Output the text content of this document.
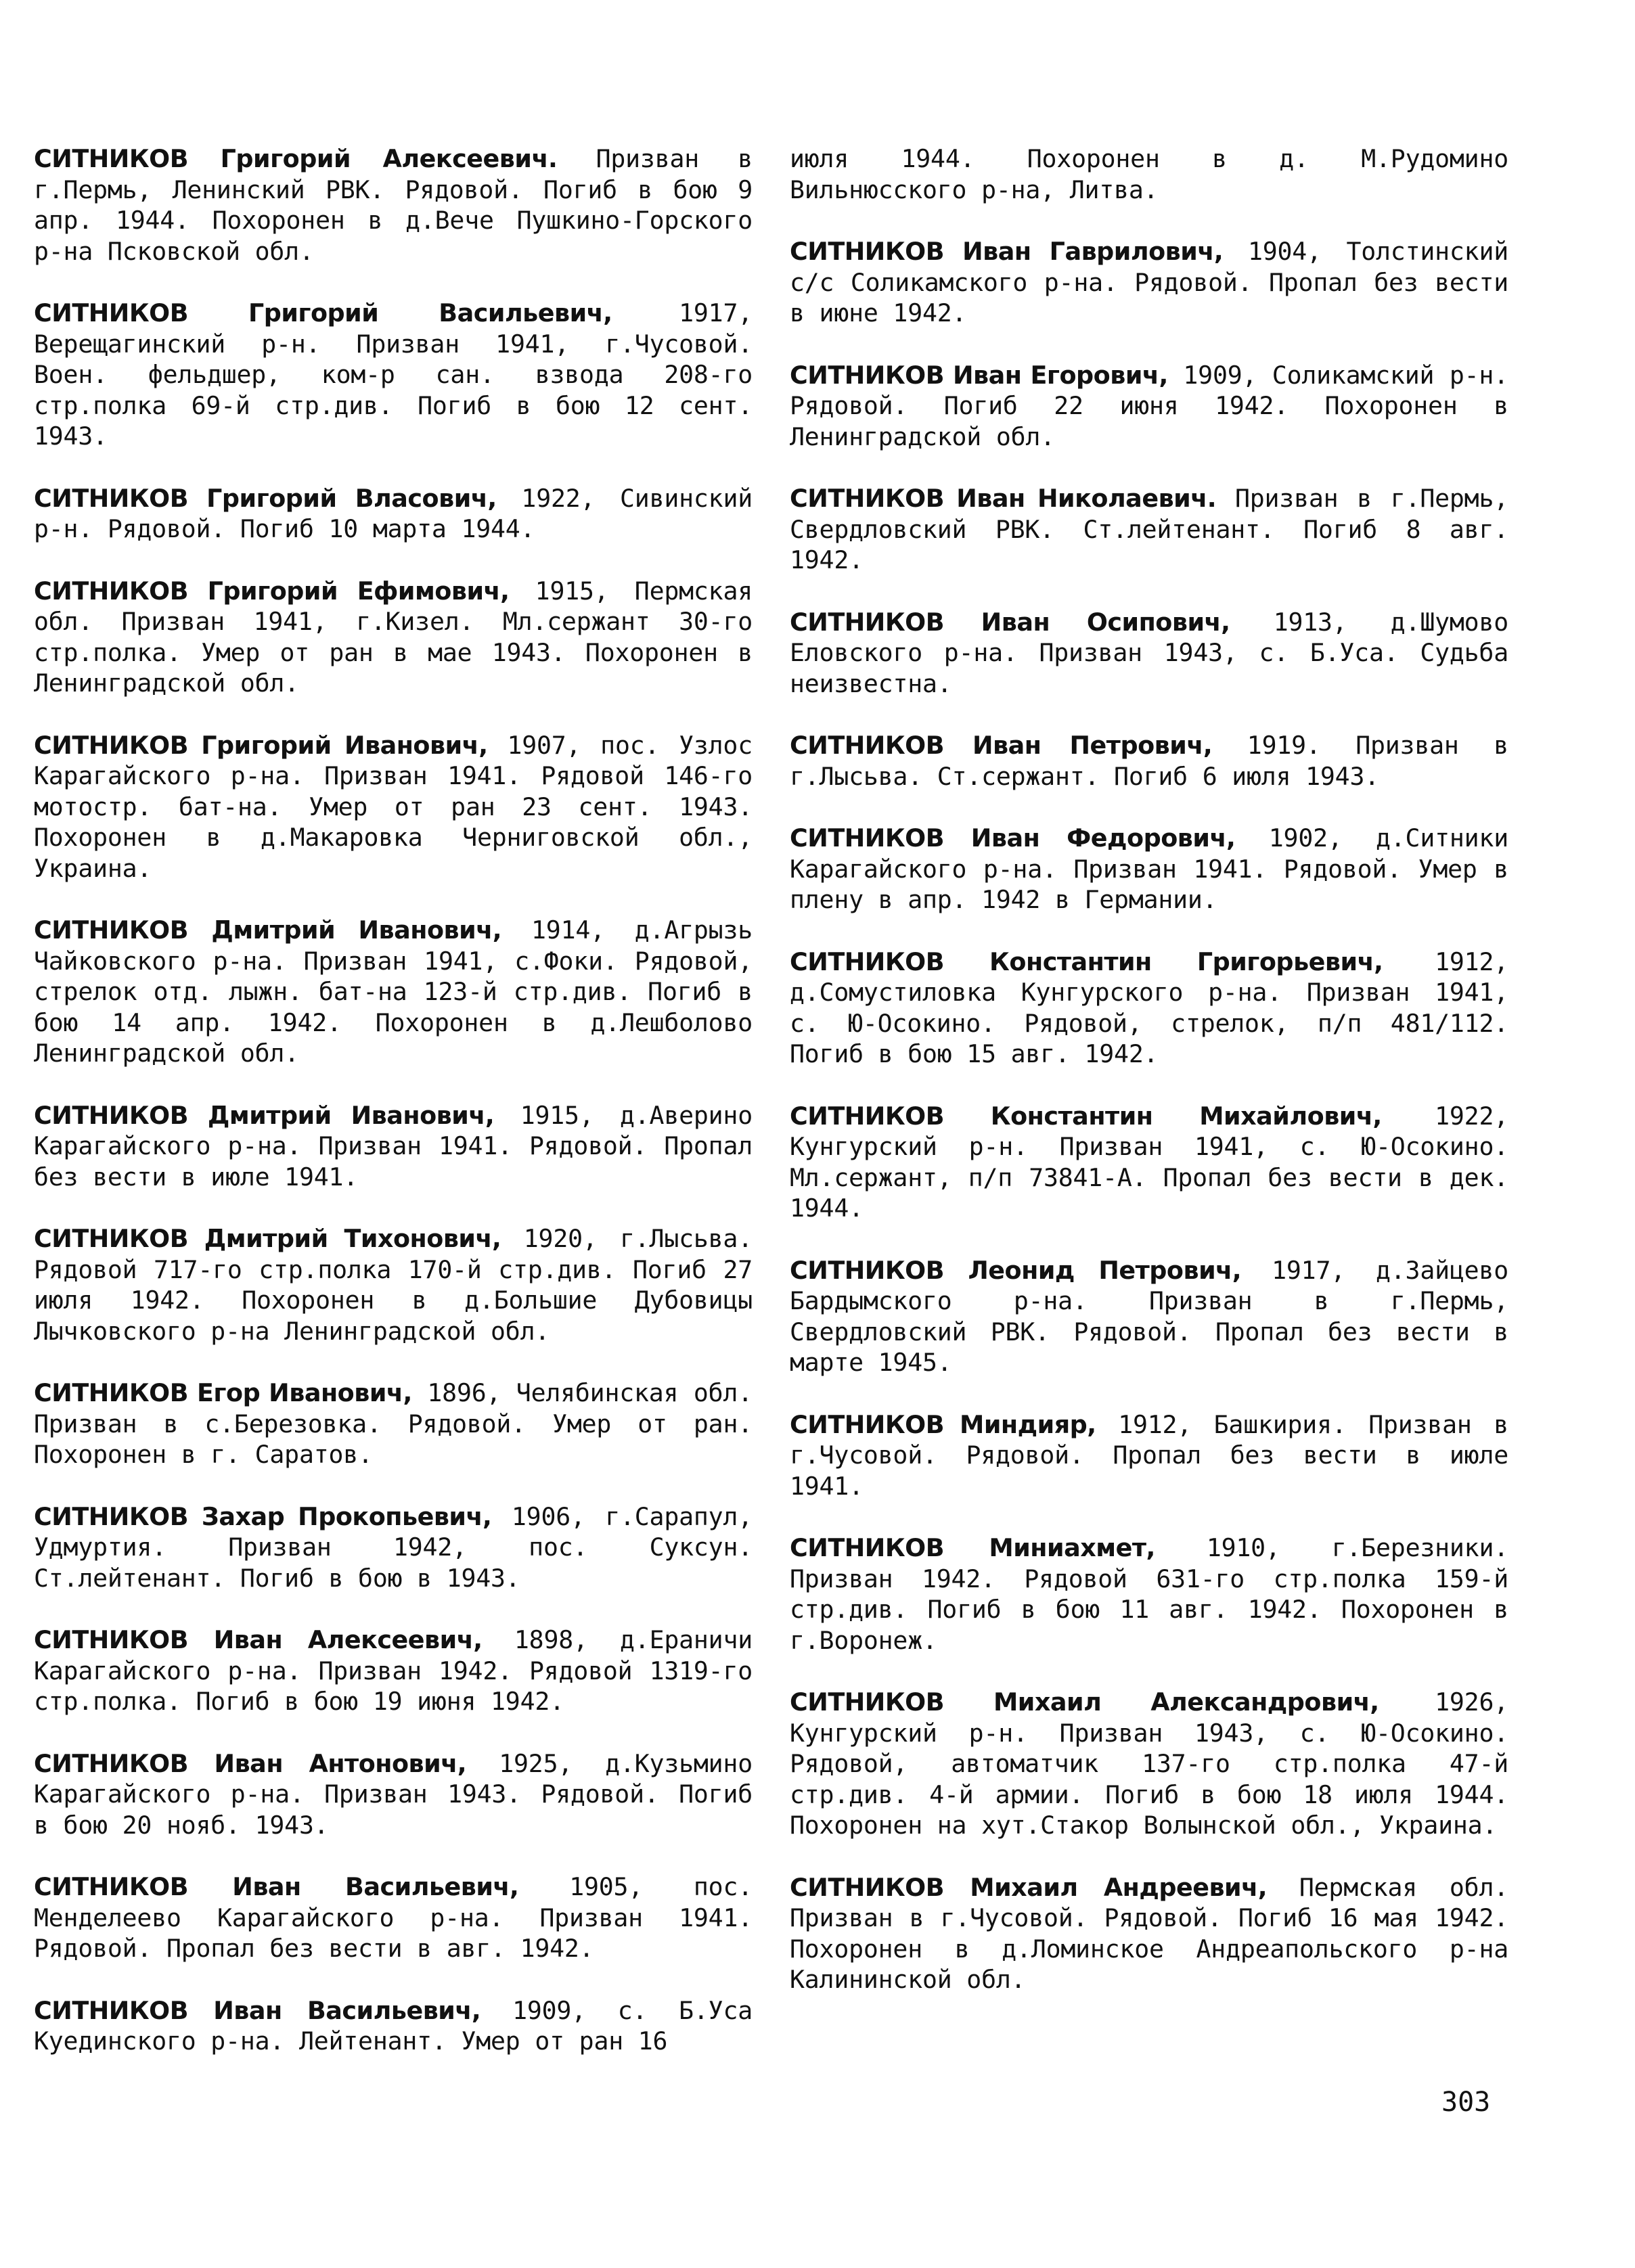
СИТНИКОВ Григорий Алексеевич. Призван в г.Пермь, Ленинский РВК. Рядовой. Погиб в бою 9 апр. 1944. Похоронен в д.Вече Пушкино-Горского р-на Псковской обл.

СИТНИКОВ Григорий Васильевич, 1917, Верещагинский р-н. Призван 1941, г.Чусовой. Воен. фельдшер, ком-р сан. взвода 208-го стр.полка 69-й стр.див. Погиб в бою 12 сент. 1943.

СИТНИКОВ Григорий Власович, 1922, Сивинский р-н. Рядовой. Погиб 10 марта 1944.

СИТНИКОВ Григорий Ефимович, 1915, Пермская обл. Призван 1941, г.Кизел. Мл.сержант 30-го стр.полка. Умер от ран в мае 1943. Похоронен в Ленинградской обл.

СИТНИКОВ Григорий Иванович, 1907, пос. Узлос Карагайского р-на. Призван 1941. Рядовой 146-го мотостр. бат-на. Умер от ран 23 сент. 1943. Похоронен в д.Макаровка Черниговской обл., Украина.

СИТНИКОВ Дмитрий Иванович, 1914, д.Агрызь Чайковского р-на. Призван 1941, с.Фоки. Рядовой, стрелок отд. лыжн. бат-на 123-й стр.див. Погиб в бою 14 апр. 1942. Похоронен в д.Лешболово Ленинградской обл.

СИТНИКОВ Дмитрий Иванович, 1915, д.Аверино Карагайского р-на. Призван 1941. Рядовой. Пропал без вести в июле 1941.

СИТНИКОВ Дмитрий Тихонович, 1920, г.Лысьва. Рядовой 717-го стр.полка 170-й стр.див. Погиб 27 июля 1942. Похоронен в д.Большие Дубовицы Лычковского р-на Ленинградской обл.

СИТНИКОВ Егор Иванович, 1896, Челябинская обл. Призван в с.Березовка. Рядовой. Умер от ран. Похоронен в г. Саратов.

СИТНИКОВ Захар Прокопьевич, 1906, г.Сарапул, Удмуртия. Призван 1942, пос. Суксун. Ст.лейтенант. Погиб в бою в 1943.

СИТНИКОВ Иван Алексеевич, 1898, д.Ераничи Карагайского р-на. Призван 1942. Рядовой 1319-го стр.полка. Погиб в бою 19 июня 1942.

СИТНИКОВ Иван Антонович, 1925, д.Кузьмино Карагайского р-на. Призван 1943. Рядовой. Погиб в бою 20 нояб. 1943.

СИТНИКОВ Иван Васильевич, 1905, пос. Менделеево Карагайского р-на. Призван 1941. Рядовой. Пропал без вести в авг. 1942.

СИТНИКОВ Иван Васильевич, 1909, с. Б.Уса Куединского р-на. Лейтенант. Умер от ран 16

июля 1944. Похоронен в д. М.Рудомино Вильнюсского р-на, Литва.

СИТНИКОВ Иван Гаврилович, 1904, Толстинский с/с Соликамского р-на. Рядовой. Пропал без вести в июне 1942.

СИТНИКОВ Иван Егорович, 1909, Соликамский р-н. Рядовой. Погиб 22 июня 1942. Похоронен в Ленинградской обл.

СИТНИКОВ Иван Николаевич. Призван в г.Пермь, Свердловский РВК. Ст.лейтенант. Погиб 8 авг. 1942.

СИТНИКОВ Иван Осипович, 1913, д.Шумово Еловского р-на. Призван 1943, с. Б.Уса. Судьба неизвестна.

СИТНИКОВ Иван Петрович, 1919. Призван в г.Лысьва. Ст.сержант. Погиб 6 июля 1943.

СИТНИКОВ Иван Федорович, 1902, д.Ситники Карагайского р-на. Призван 1941. Рядовой. Умер в плену в апр. 1942 в Германии.

СИТНИКОВ Константин Григорьевич, 1912, д.Сомустиловка Кунгурского р-на. Призван 1941, с. Ю-Осокино. Рядовой, стрелок, п/п 481/112. Погиб в бою 15 авг. 1942.

СИТНИКОВ Константин Михайлович, 1922, Кунгурский р-н. Призван 1941, с. Ю-Осокино. Мл.сержант, п/п 73841-А. Пропал без вести в дек. 1944.

СИТНИКОВ Леонид Петрович, 1917, д.Зайцево Бардымского р-на. Призван в г.Пермь, Свердловский РВК. Рядовой. Пропал без вести в марте 1945.

СИТНИКОВ Миндияр, 1912, Башкирия. Призван в г.Чусовой. Рядовой. Пропал без вести в июле 1941.

СИТНИКОВ Миниахмет, 1910, г.Березники. Призван 1942. Рядовой 631-го стр.полка 159-й стр.див. Погиб в бою 11 авг. 1942. Похоронен в г.Воронеж.

СИТНИКОВ Михаил Александрович, 1926, Кунгурский р-н. Призван 1943, с. Ю-Осокино. Рядовой, автоматчик 137-го стр.полка 47-й стр.див. 4-й армии. Погиб в бою 18 июля 1944. Похоронен на хут.Стакор Волынской обл., Украина.

СИТНИКОВ Михаил Андреевич, Пермская обл. Призван в г.Чусовой. Рядовой. Погиб 16 мая 1942. Похоронен в д.Ломинское Андреапольского р-на Калининской обл.

303
